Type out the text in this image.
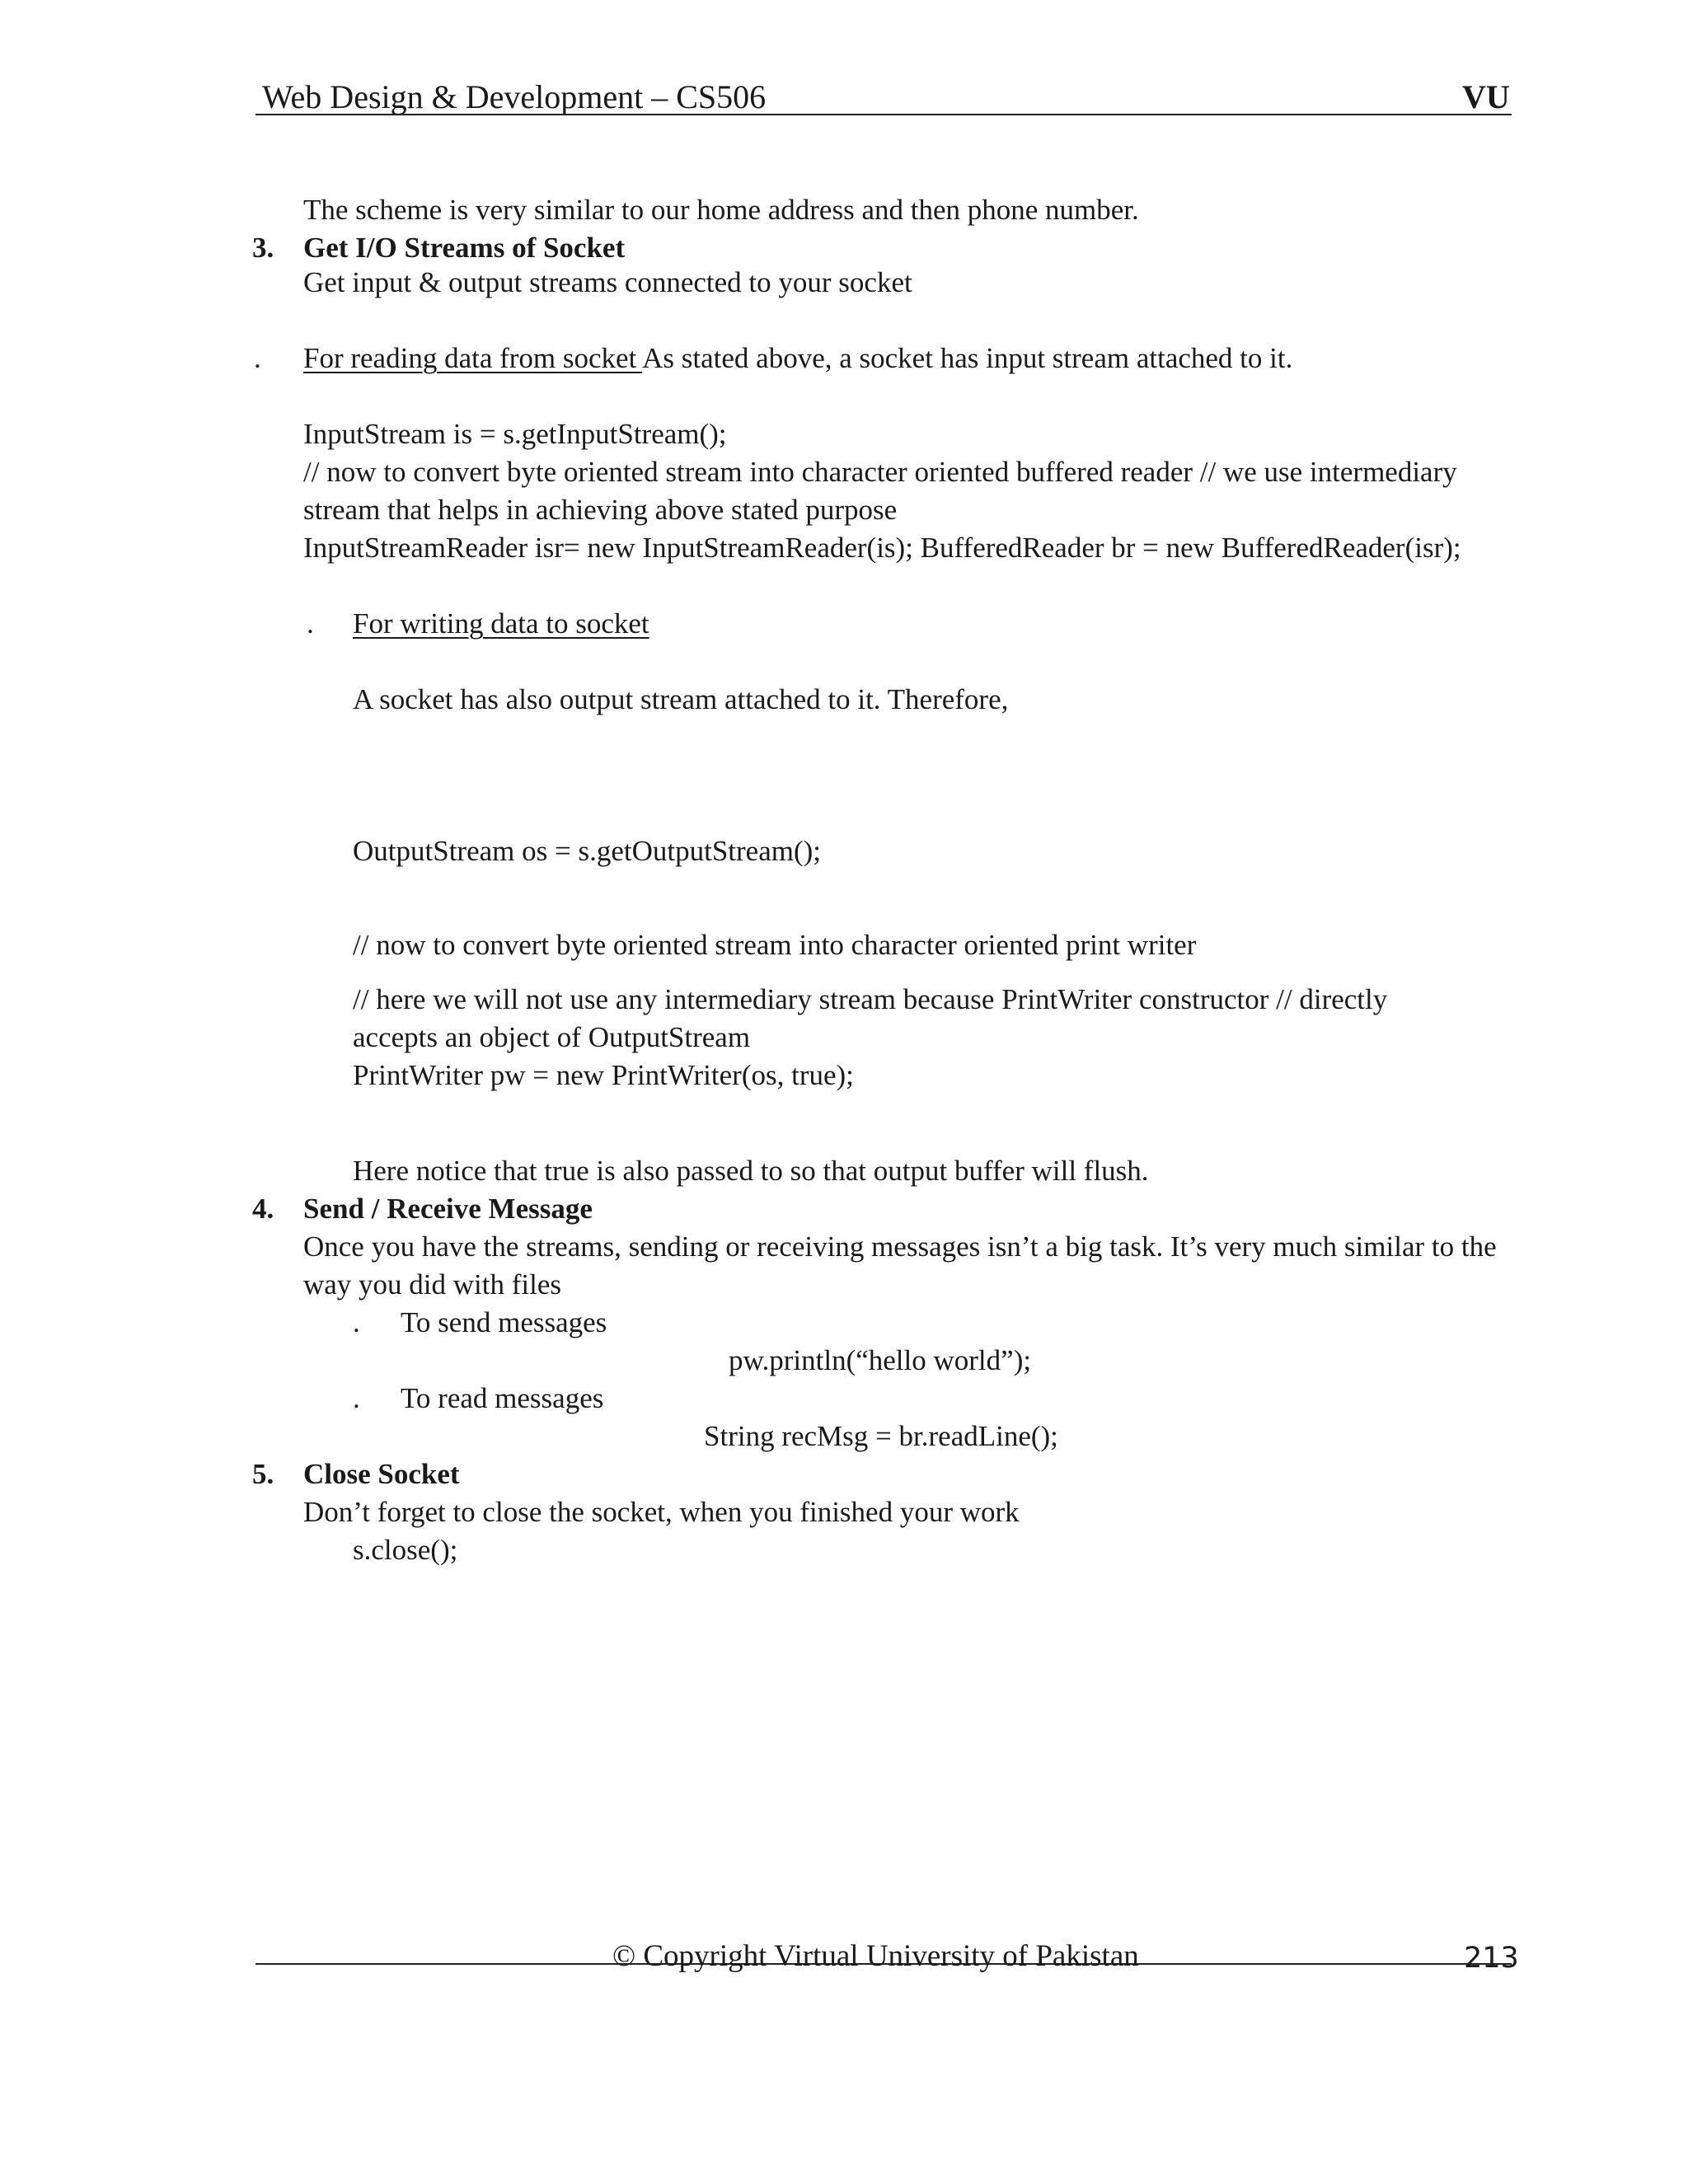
Web Design & Development – CS506	VU
The scheme is very similar to our home address and then phone number.
3. Get I/O Streams of Socket
Get input & output streams connected to your socket
. For reading data from socket As stated above, a socket has input stream attached to it.
InputStream is = s.getInputStream();
// now to convert byte oriented stream into character oriented buffered reader // we use intermediary
stream that helps in achieving above stated purpose
InputStreamReader isr= new InputStreamReader(is); BufferedReader br = new BufferedReader(isr);
. For writing data to socket
A socket has also output stream attached to it. Therefore,
OutputStream os = s.getOutputStream();
// now to convert byte oriented stream into character oriented print writer
// here we will not use any intermediary stream because PrintWriter constructor // directly
accepts an object of OutputStream
PrintWriter pw = new PrintWriter(os, true);
Here notice that true is also passed to so that output buffer will flush.
4. Send / Receive Message
Once you have the streams, sending or receiving messages isn’t a big task. It’s very much similar to the
way you did with files
. To send messages
pw.println(“hello world”);
. To read messages
String recMsg = br.readLine();
5. Close Socket
Don’t forget to close the socket, when you finished your work
s.close();
© Copyright Virtual University of Pakistan	213
